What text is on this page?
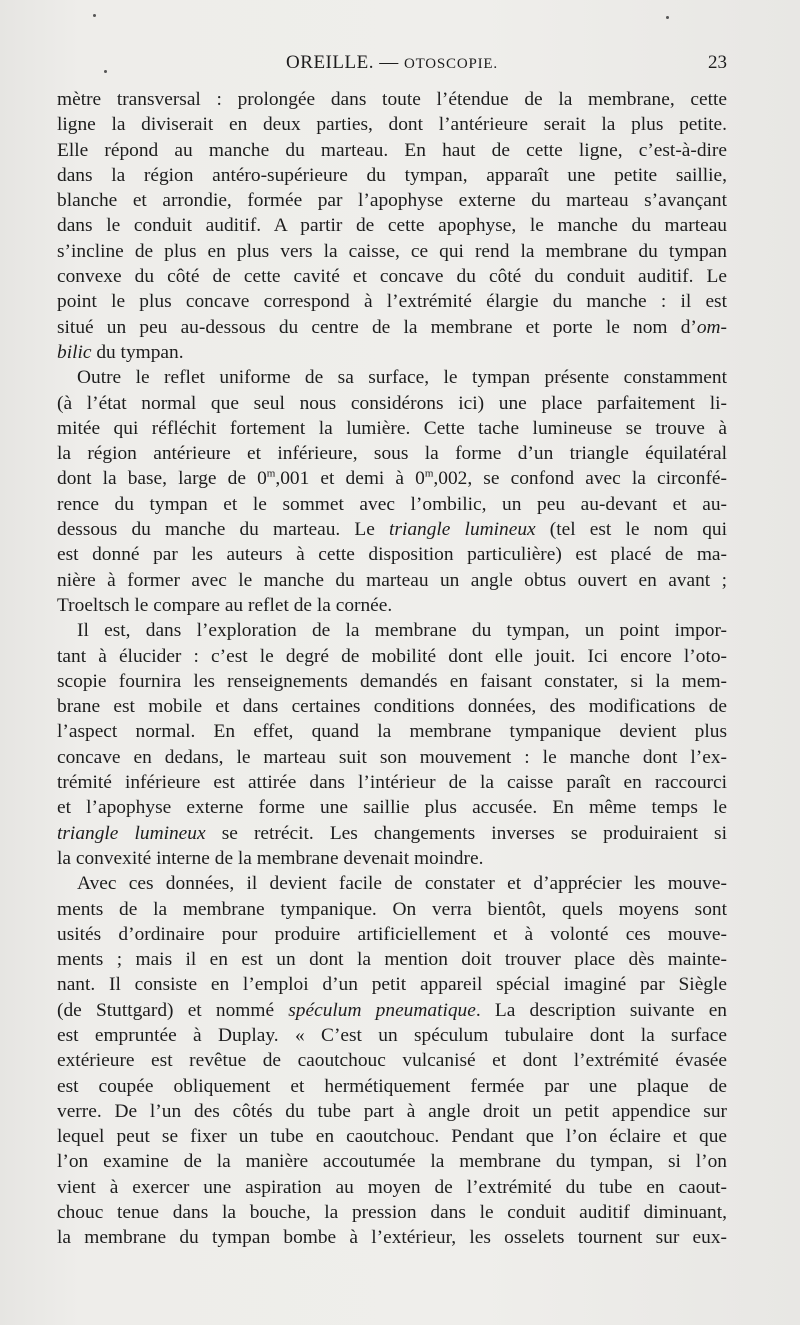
OREILLE. — OTOSCOPIE.	23
mètre transversal : prolongée dans toute l’étendue de la membrane, cette
ligne la diviserait en deux parties, dont l’antérieure serait la plus petite.
Elle répond au manche du marteau. En haut de cette ligne, c’est-à-dire
dans la région antéro-supérieure du tympan, apparaît une petite saillie,
blanche et arrondie, formée par l’apophyse externe du marteau s’avançant
dans le conduit auditif. A partir de cette apophyse, le manche du marteau
s’incline de plus en plus vers la caisse, ce qui rend la membrane du tympan
convexe du côté de cette cavité et concave du côté du conduit auditif. Le
point le plus concave correspond à l’extrémité élargie du manche : il est
situé un peu au-dessous du centre de la membrane et porte le nom d’om-
bilic du tympan.
Outre le reflet uniforme de sa surface, le tympan présente constamment
(à l’état normal que seul nous considérons ici) une place parfaitement li-
mitée qui réfléchit fortement la lumière. Cette tache lumineuse se trouve à
la région antérieure et inférieure, sous la forme d’un triangle équilatéral
dont la base, large de 0$^m$,001 et demi à 0$^m$,002, se confond avec la circonfé-
rence du tympan et le sommet avec l’ombilic, un peu au-devant et au-
dessous du manche du marteau. Le triangle lumineux (tel est le nom qui
est donné par les auteurs à cette disposition particulière) est placé de ma-
nière à former avec le manche du marteau un angle obtus ouvert en avant ;
Troeltsch le compare au reflet de la cornée.
Il est, dans l’exploration de la membrane du tympan, un point impor-
tant à élucider : c’est le degré de mobilité dont elle jouit. Ici encore l’oto-
scopie fournira les renseignements demandés en faisant constater, si la mem-
brane est mobile et dans certaines conditions données, des modifications de
l’aspect normal. En effet, quand la membrane tympanique devient plus
concave en dedans, le marteau suit son mouvement : le manche dont l’ex-
trémité inférieure est attirée dans l’intérieur de la caisse paraît en raccourci
et l’apophyse externe forme une saillie plus accusée. En même temps le
triangle lumineux se retrécit. Les changements inverses se produiraient si
la convexité interne de la membrane devenait moindre.
Avec ces données, il devient facile de constater et d’apprécier les mouve-
ments de la membrane tympanique. On verra bientôt, quels moyens sont
usités d’ordinaire pour produire artificiellement et à volonté ces mouve-
ments ; mais il en est un dont la mention doit trouver place dès mainte-
nant. Il consiste en l’emploi d’un petit appareil spécial imaginé par Siègle
(de Stuttgard) et nommé spéculum pneumatique. La description suivante en
est empruntée à Duplay. « C’est un spéculum tubulaire dont la surface
extérieure est revêtue de caoutchouc vulcanisé et dont l’extrémité évasée
est coupée obliquement et hermétiquement fermée par une plaque de
verre. De l’un des côtés du tube part à angle droit un petit appendice sur
lequel peut se fixer un tube en caoutchouc. Pendant que l’on éclaire et que
l’on examine de la manière accoutumée la membrane du tympan, si l’on
vient à exercer une aspiration au moyen de l’extrémité du tube en caout-
chouc tenue dans la bouche, la pression dans le conduit auditif diminuant,
la membrane du tympan bombe à l’extérieur, les osselets tournent sur eux-
